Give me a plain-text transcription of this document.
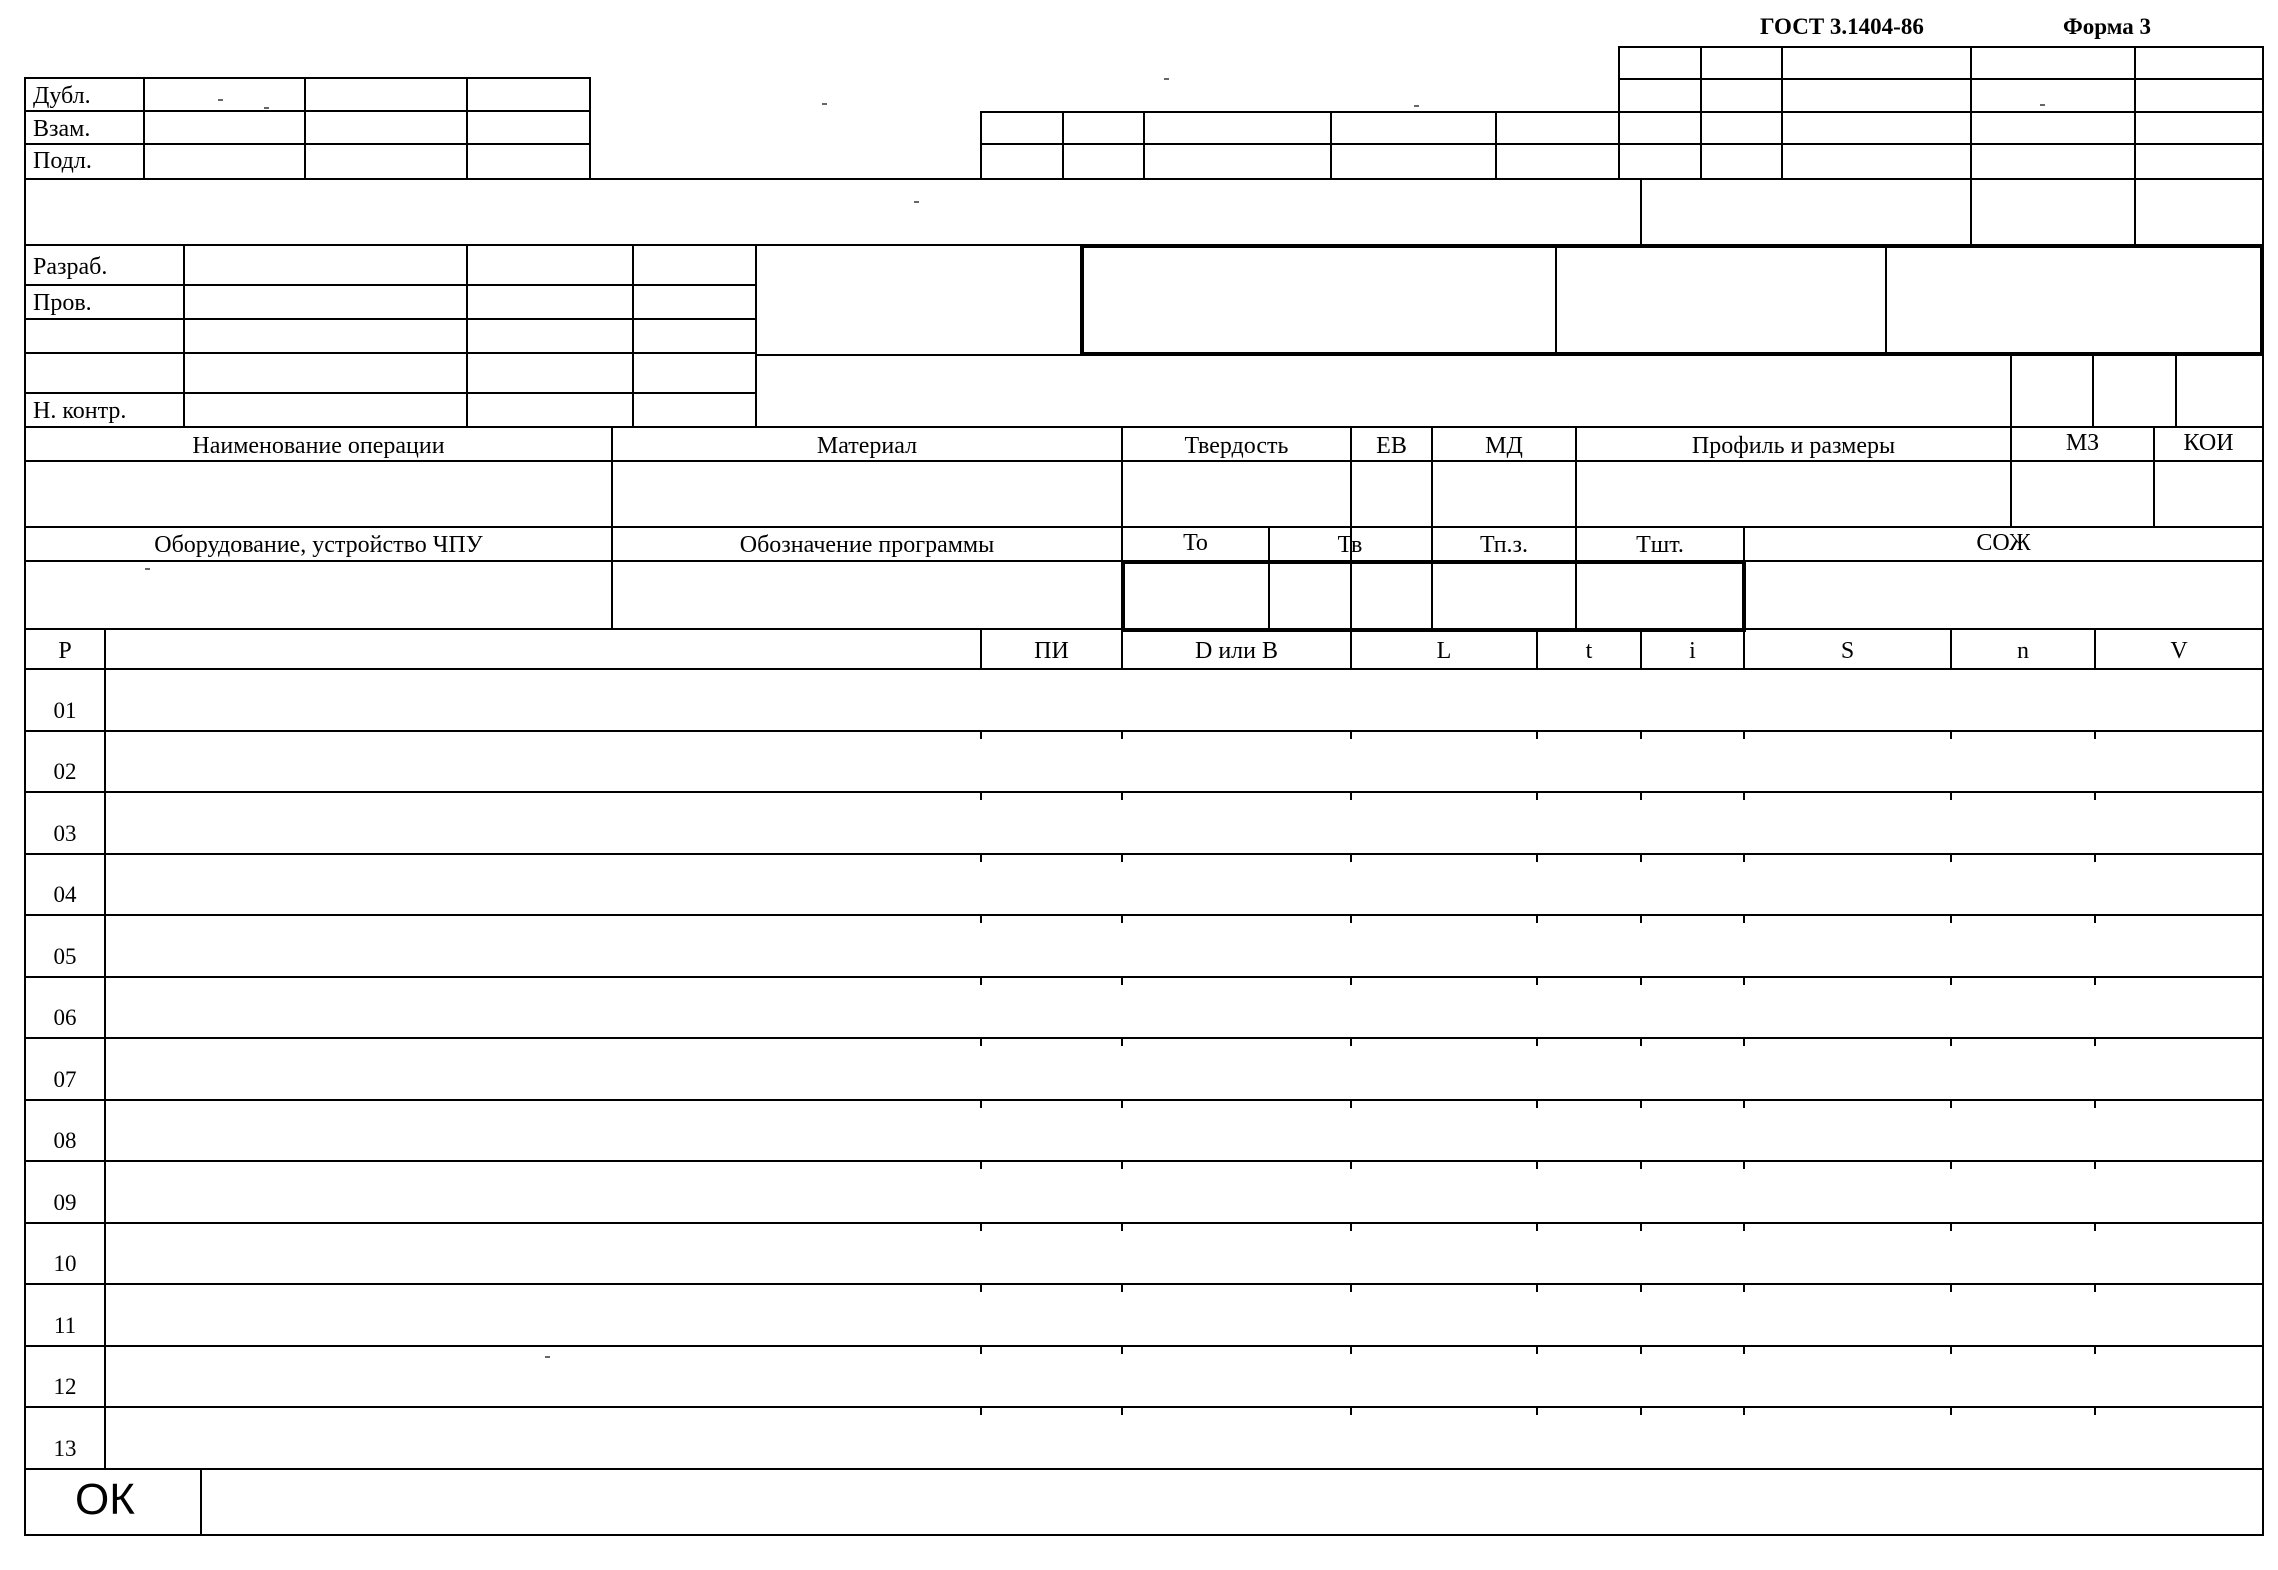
ГОСТ 3.1404-86	Форма 3
Дубл.
Взам.
Подл.
Разраб.
Пров.
Н. контр.
Наименование операции	Материал	Твердость	ЕВ	МД	Профиль и размеры	МЗ	КОИ
Оборудование, устройство ЧПУ	Обозначение программы	То	Тв	Тп.з.	Тшт.	СОЖ
Р	ПИ	D или B	L	t	i	S	n	V
01
02
03
04
05
06
07
08
09
10
11
12
13
ОК
